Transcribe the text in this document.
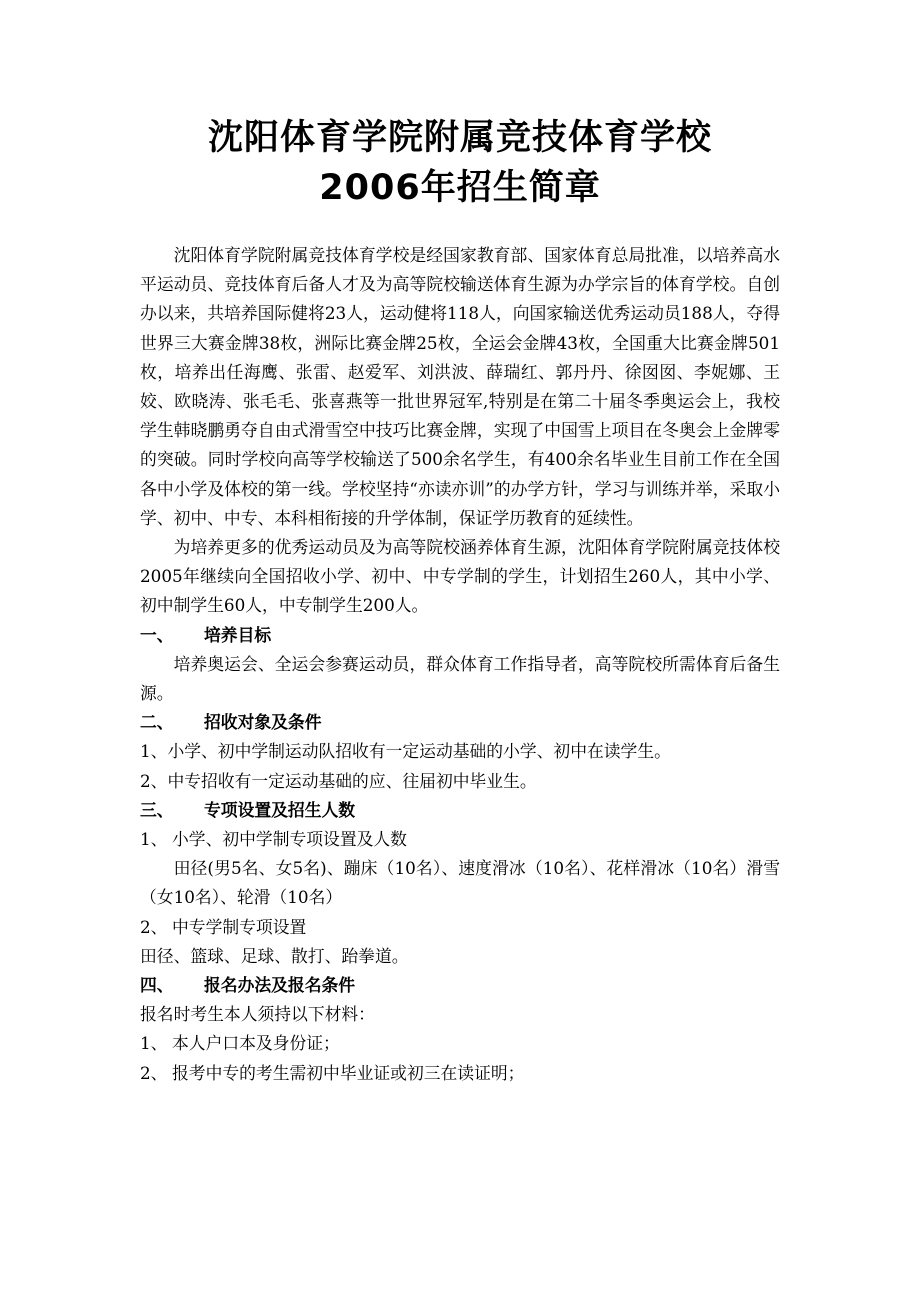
沈阳体育学院附属竞技体育学校
2006年招生简章

沈阳体育学院附属竞技体育学校是经国家教育部、国家体育总局批准，以培养高水平运动员、竞技体育后备人才及为高等院校输送体育生源为办学宗旨的体育学校。自创办以来，共培养国际健将23人，运动健将118人，向国家输送优秀运动员188人，夺得世界三大赛金牌38枚，洲际比赛金牌25枚，全运会金牌43枚，全国重大比赛金牌501枚，培养出任海鹰、张雷、赵爱军、刘洪波、薛瑞红、郭丹丹、徐囡囡、李妮娜、王姣、欧晓涛、张毛毛、张喜燕等一批世界冠军,特别是在第二十届冬季奥运会上，我校学生韩晓鹏勇夺自由式滑雪空中技巧比赛金牌，实现了中国雪上项目在冬奥会上金牌零的突破。同时学校向高等学校输送了500余名学生，有400余名毕业生目前工作在全国各中小学及体校的第一线。学校坚持“亦读亦训”的办学方针，学习与训练并举，采取小学、初中、中专、本科相衔接的升学体制，保证学历教育的延续性。

为培养更多的优秀运动员及为高等院校涵养体育生源，沈阳体育学院附属竞技体校2005年继续向全国招收小学、初中、中专学制的学生，计划招生260人，其中小学、初中制学生60人，中专制学生200人。

一、 培养目标

培养奥运会、全运会参赛运动员，群众体育工作指导者，高等院校所需体育后备生源。

二、 招收对象及条件

1、小学、初中学制运动队招收有一定运动基础的小学、初中在读学生。

2、中专招收有一定运动基础的应、往届初中毕业生。

三、 专项设置及招生人数

1、 小学、初中学制专项设置及人数

田径(男5名、女5名)、蹦床（10名）、速度滑冰（10名）、花样滑冰（10名）滑雪（女10名）、轮滑（10名）

2、 中专学制专项设置

田径、篮球、足球、散打、跆拳道。

四、 报名办法及报名条件

报名时考生本人须持以下材料：

1、 本人户口本及身份证；

2、 报考中专的考生需初中毕业证或初三在读证明；
